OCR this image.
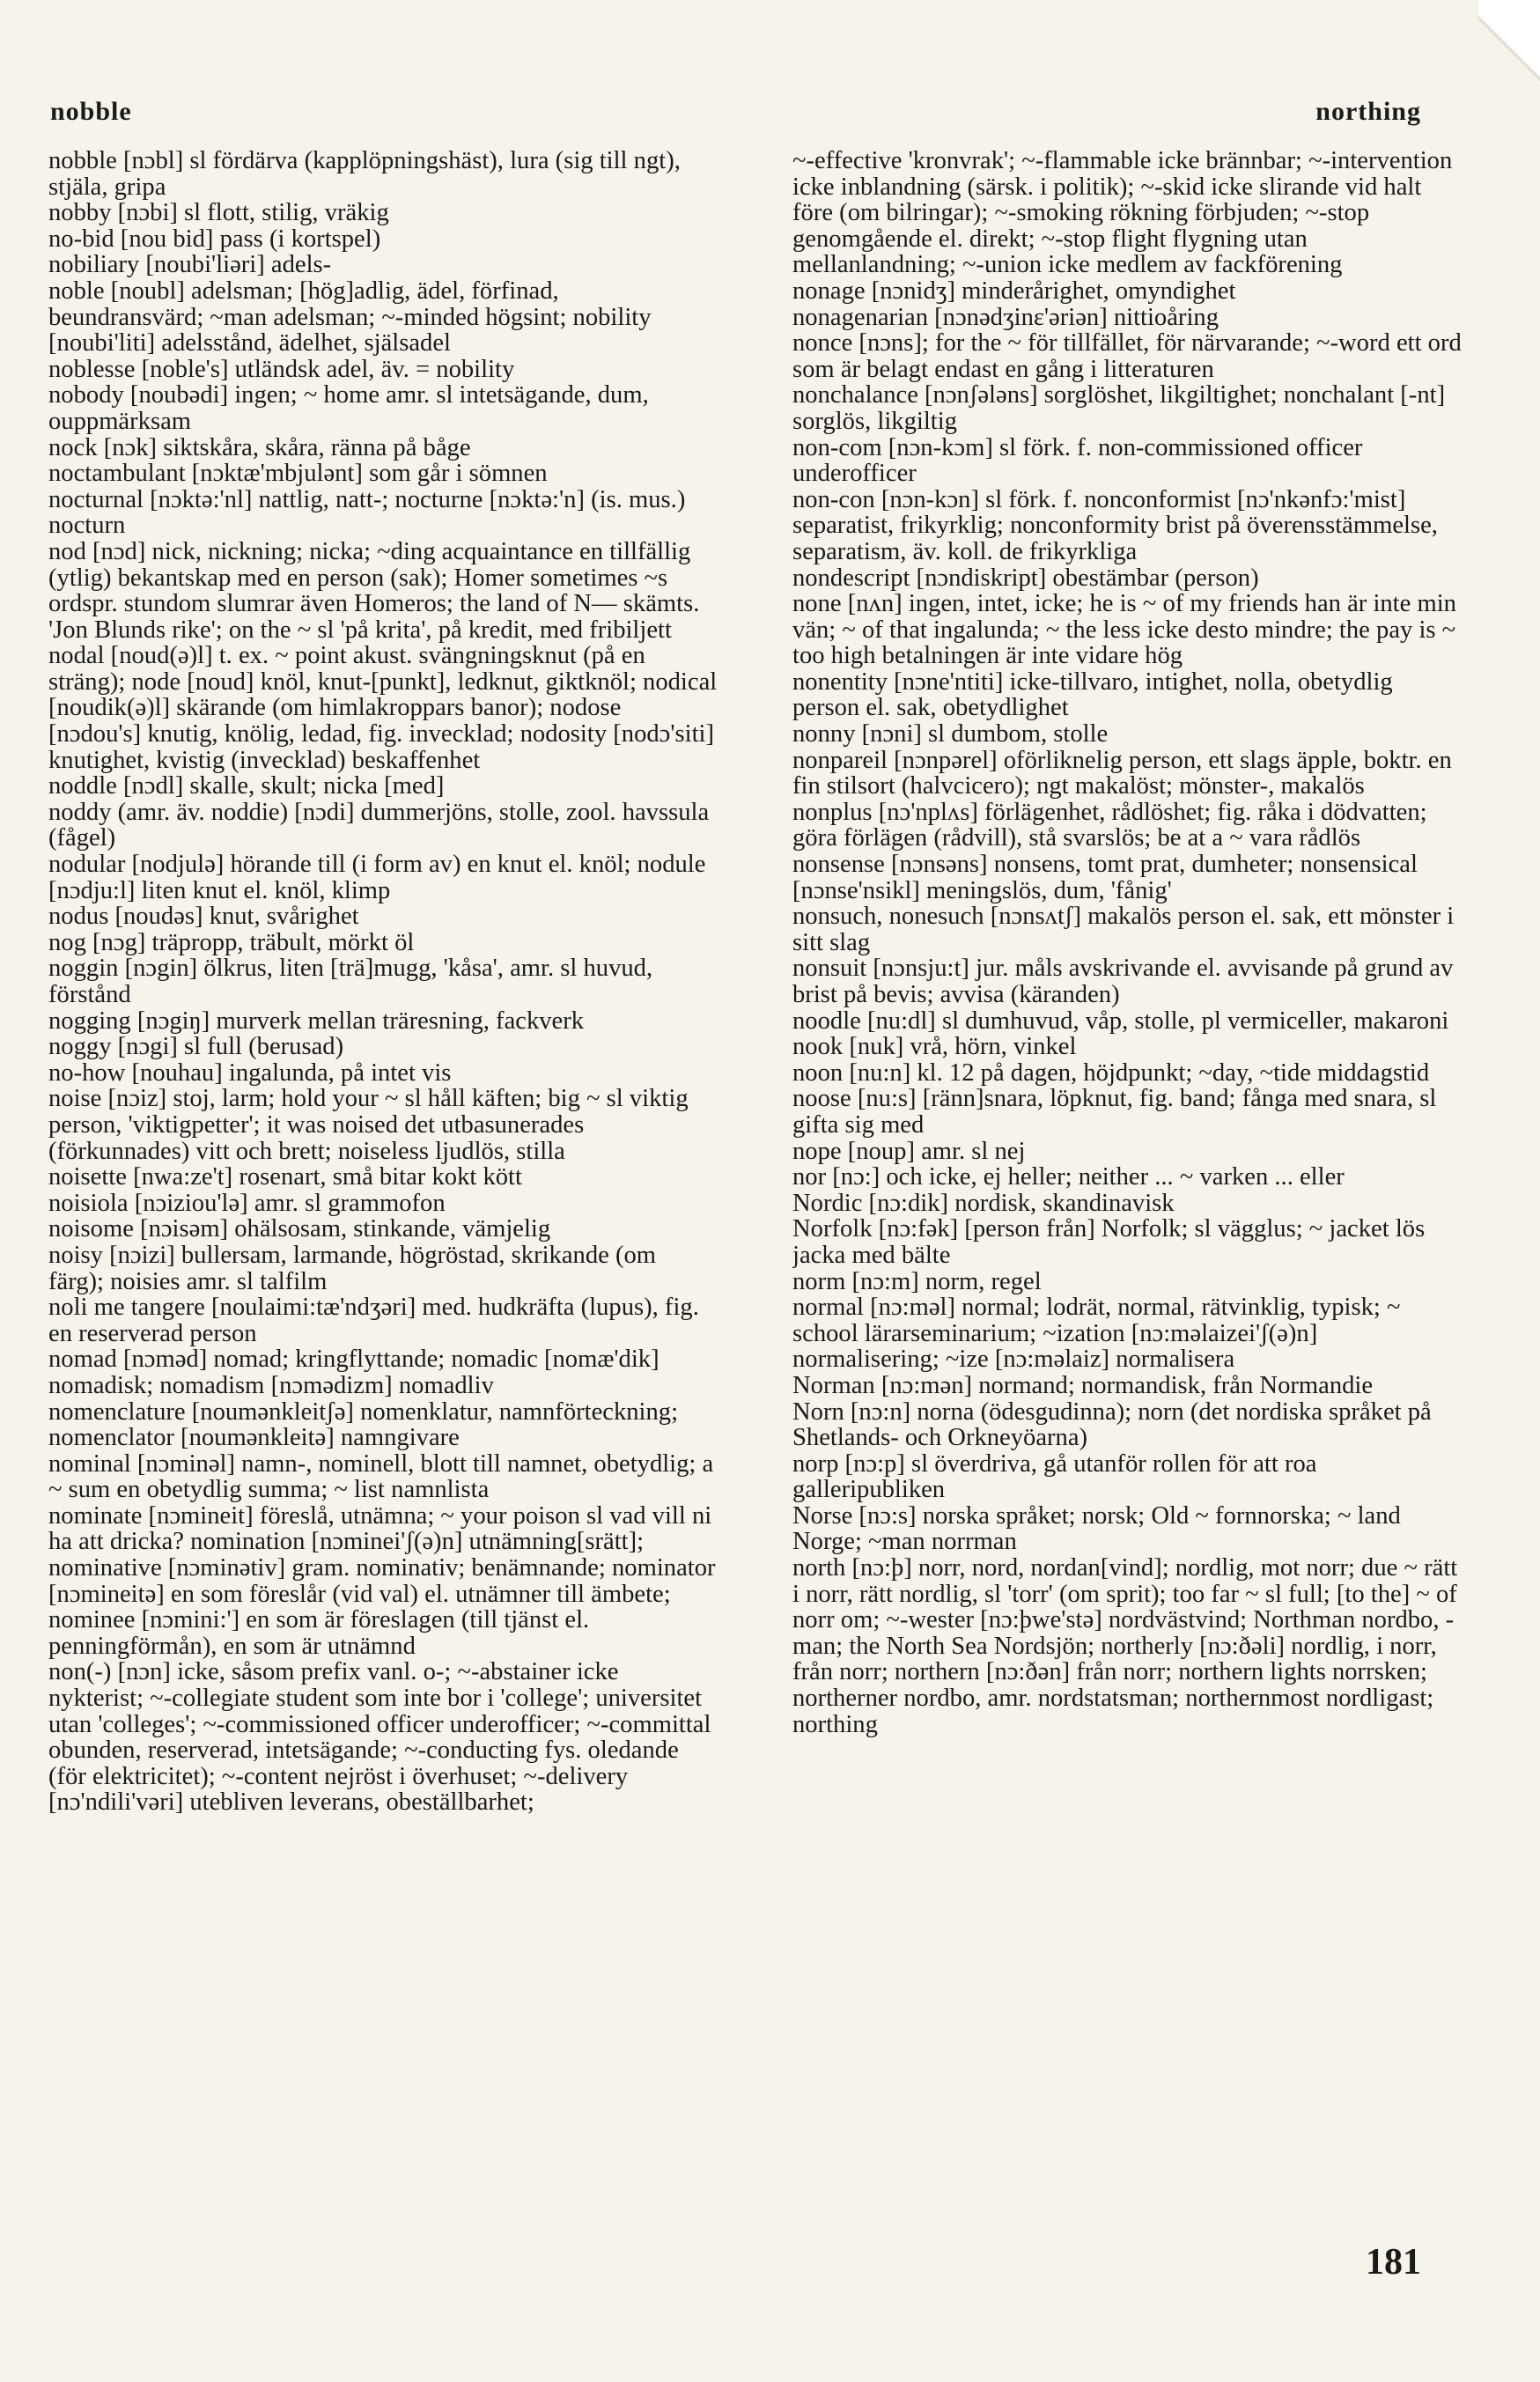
nobble	northing

nobble [nɔbl] sl fördärva (kapplöpningshäst), lura (sig till ngt), stjäla, gripa

nobby [nɔbi] sl flott, stilig, vräkig

no-bid [nou bid] pass (i kortspel)

nobiliary [noubi'liəri] adels-

noble [noubl] adelsman; [hög]adlig, ädel, förfinad, beundransvärd; ~man adelsman; ~-minded högsint; nobility [noubi'liti] adelsstånd, ädelhet, själsadel

noblesse [noble's] utländsk adel, äv. = nobility

nobody [noubədi] ingen; ~ home amr. sl intetsägande, dum, ouppmärksam

nock [nɔk] siktskåra, skåra, ränna på båge

noctambulant [nɔktæ'mbjulənt] som går i sömnen

nocturnal [nɔktə:'nl] nattlig, natt-; nocturne [nɔktə:'n] (is. mus.) nocturn

nod [nɔd] nick, nickning; nicka; ~ding acquaintance en tillfällig (ytlig) bekantskap med en person (sak); Homer sometimes ~s ordspr. stundom slumrar även Homeros; the land of N— skämts. 'Jon Blunds rike'; on the ~ sl 'på krita', på kredit, med fribiljett

nodal [noud(ə)l] t. ex. ~ point akust. svängningsknut (på en sträng); node [noud] knöl, knut-[punkt], ledknut, giktknöl; nodical [noudik(ə)l] skärande (om himlakroppars banor); nodose [nɔdou's] knutig, knölig, ledad, fig. invecklad; nodosity [nodɔ'siti] knutighet, kvistig (invecklad) beskaffenhet

noddle [nɔdl] skalle, skult; nicka [med]

noddy (amr. äv. noddie) [nɔdi] dummerjöns, stolle, zool. havssula (fågel)

nodular [nodjulə] hörande till (i form av) en knut el. knöl; nodule [nɔdju:l] liten knut el. knöl, klimp

nodus [noudəs] knut, svårighet

nog [nɔg] träpropp, träbult, mörkt öl

noggin [nɔgin] ölkrus, liten [trä]mugg, 'kåsa', amr. sl huvud, förstånd

nogging [nɔgiŋ] murverk mellan träresning, fackverk

noggy [nɔgi] sl full (berusad)

no-how [nouhau] ingalunda, på intet vis

noise [nɔiz] stoj, larm; hold your ~ sl håll käften; big ~ sl viktig person, 'viktigpetter'; it was noised det utbasunerades (förkunnades) vitt och brett; noiseless ljudlös, stilla

noisette [nwa:ze't] rosenart, små bitar kokt kött

noisiola [nɔiziou'lə] amr. sl grammofon

noisome [nɔisəm] ohälsosam, stinkande, vämjelig

noisy [nɔizi] bullersam, larmande, högröstad, skrikande (om färg); noisies amr. sl talfilm

noli me tangere [noulaimi:tæ'ndʒəri] med. hudkräfta (lupus), fig. en reserverad person

nomad [nɔməd] nomad; kringflyttande; nomadic [nomæ'dik] nomadisk; nomadism [nɔmədizm] nomadliv

nomenclature [noumənkleitʃə] nomenklatur, namnförteckning; nomenclator [noumənkleitə] namngivare

nominal [nɔminəl] namn-, nominell, blott till namnet, obetydlig; a ~ sum en obetydlig summa; ~ list namnlista

nominate [nɔmineit] föreslå, utnämna; ~ your poison sl vad vill ni ha att dricka? nomination [nɔminei'ʃ(ə)n] utnämning[srätt]; nominative [nɔminətiv] gram. nominativ; benämnande; nominator [nɔmineitə] en som föreslår (vid val) el. utnämner till ämbete; nominee [nɔmini:'] en som är föreslagen (till tjänst el. penningförmån), en som är utnämnd

non(-) [nɔn] icke, såsom prefix vanl. o-; ~-abstainer icke nykterist; ~-collegiate student som inte bor i 'college'; universitet utan 'colleges'; ~-commissioned officer underofficer; ~-committal obunden, reserverad, intetsägande; ~-conducting fys. oledande (för elektricitet); ~-content nejröst i överhuset; ~-delivery [nɔ'ndili'vəri] utebliven leverans, obeställbarhet;

~-effective 'kronvrak'; ~-flammable icke brännbar; ~-intervention icke inblandning (särsk. i politik); ~-skid icke slirande vid halt före (om bilringar); ~-smoking rökning förbjuden; ~-stop genomgående el. direkt; ~-stop flight flygning utan mellanlandning; ~-union icke medlem av fackförening

nonage [nɔnidʒ] minderårighet, omyndighet

nonagenarian [nɔnədʒinɛ'əriən] nittioåring

nonce [nɔns]; for the ~ för tillfället, för närvarande; ~-word ett ord som är belagt endast en gång i litteraturen

nonchalance [nɔnʃələns] sorglöshet, likgiltighet; nonchalant [-nt] sorglös, likgiltig

non-com [nɔn-kɔm] sl förk. f. non-commissioned officer underofficer

non-con [nɔn-kɔn] sl förk. f. nonconformist [nɔ'nkənfɔ:'mist] separatist, frikyrklig; nonconformity brist på överensstämmelse, separatism, äv. koll. de frikyrkliga

nondescript [nɔndiskript] obestämbar (person)

none [nʌn] ingen, intet, icke; he is ~ of my friends han är inte min vän; ~ of that ingalunda; ~ the less icke desto mindre; the pay is ~ too high betalningen är inte vidare hög

nonentity [nɔne'ntiti] icke-tillvaro, intighet, nolla, obetydlig person el. sak, obetydlighet

nonny [nɔni] sl dumbom, stolle

nonpareil [nɔnpərel] oförliknelig person, ett slags äpple, boktr. en fin stilsort (halvcicero); ngt makalöst; mönster-, makalös

nonplus [nɔ'nplʌs] förlägenhet, rådlöshet; fig. råka i dödvatten; göra förlägen (rådvill), stå svarslös; be at a ~ vara rådlös

nonsense [nɔnsəns] nonsens, tomt prat, dumheter; nonsensical [nɔnse'nsikl] meningslös, dum, 'fånig'

nonsuch, nonesuch [nɔnsʌtʃ] makalös person el. sak, ett mönster i sitt slag

nonsuit [nɔnsju:t] jur. måls avskrivande el. avvisande på grund av brist på bevis; avvisa (käranden)

noodle [nu:dl] sl dumhuvud, våp, stolle, pl vermiceller, makaroni

nook [nuk] vrå, hörn, vinkel

noon [nu:n] kl. 12 på dagen, höjdpunkt; ~day, ~tide middagstid

noose [nu:s] [ränn]snara, löpknut, fig. band; fånga med snara, sl gifta sig med

nope [noup] amr. sl nej

nor [nɔ:] och icke, ej heller; neither ... ~ varken ... eller

Nordic [nɔ:dik] nordisk, skandinavisk

Norfolk [nɔ:fək] [person från] Norfolk; sl vägglus; ~ jacket lös jacka med bälte

norm [nɔ:m] norm, regel

normal [nɔ:məl] normal; lodrät, normal, rätvinklig, typisk; ~ school lärarseminarium; ~ization [nɔ:məlaizei'ʃ(ə)n] normalisering; ~ize [nɔ:məlaiz] normalisera

Norman [nɔ:mən] normand; normandisk, från Normandie

Norn [nɔ:n] norna (ödesgudinna); norn (det nordiska språket på Shetlands- och Orkneyöarna)

norp [nɔ:p] sl överdriva, gå utanför rollen för att roa galleripubliken

Norse [nɔ:s] norska språket; norsk; Old ~ fornnorska; ~ land Norge; ~man norrman

north [nɔ:þ] norr, nord, nordan[vind]; nordlig, mot norr; due ~ rätt i norr, rätt nordlig, sl 'torr' (om sprit); too far ~ sl full; [to the] ~ of norr om; ~-wester [nɔ:þwe'stə] nordvästvind; Northman nordbo, -man; the North Sea Nordsjön; northerly [nɔ:ðəli] nordlig, i norr, från norr; northern [nɔ:ðən] från norr; northern lights norrsken; northerner nordbo, amr. nordstatsman; northernmost nordligast; northing

181
